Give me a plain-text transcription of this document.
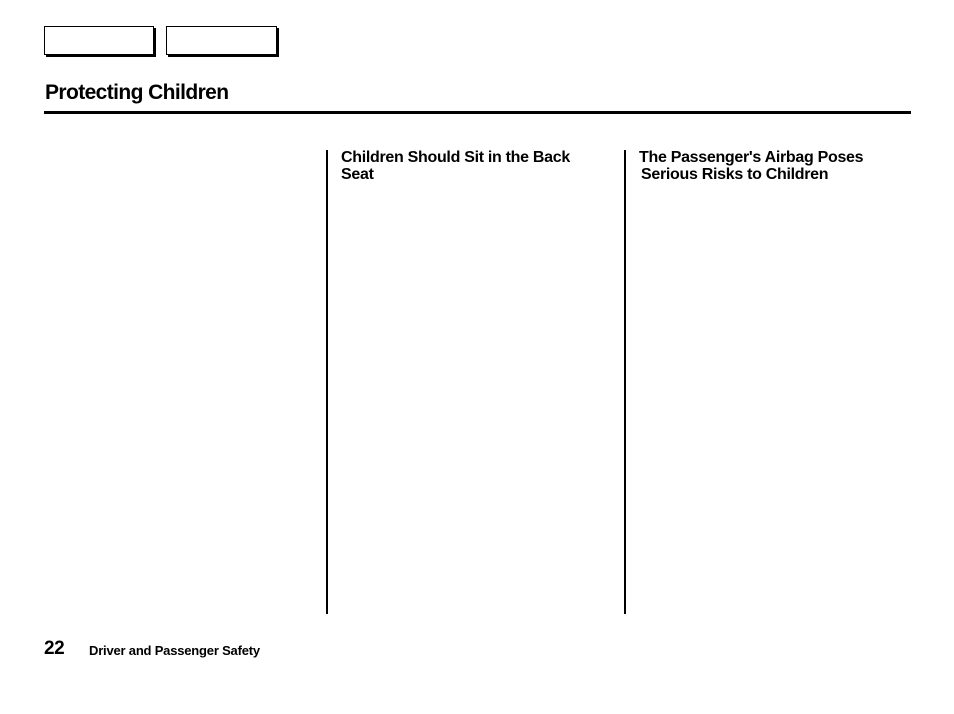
Protecting Children
Children Should Sit in the Back
Seat
The Passenger's Airbag Poses
Serious Risks to Children
22 Driver and Passenger Safety
